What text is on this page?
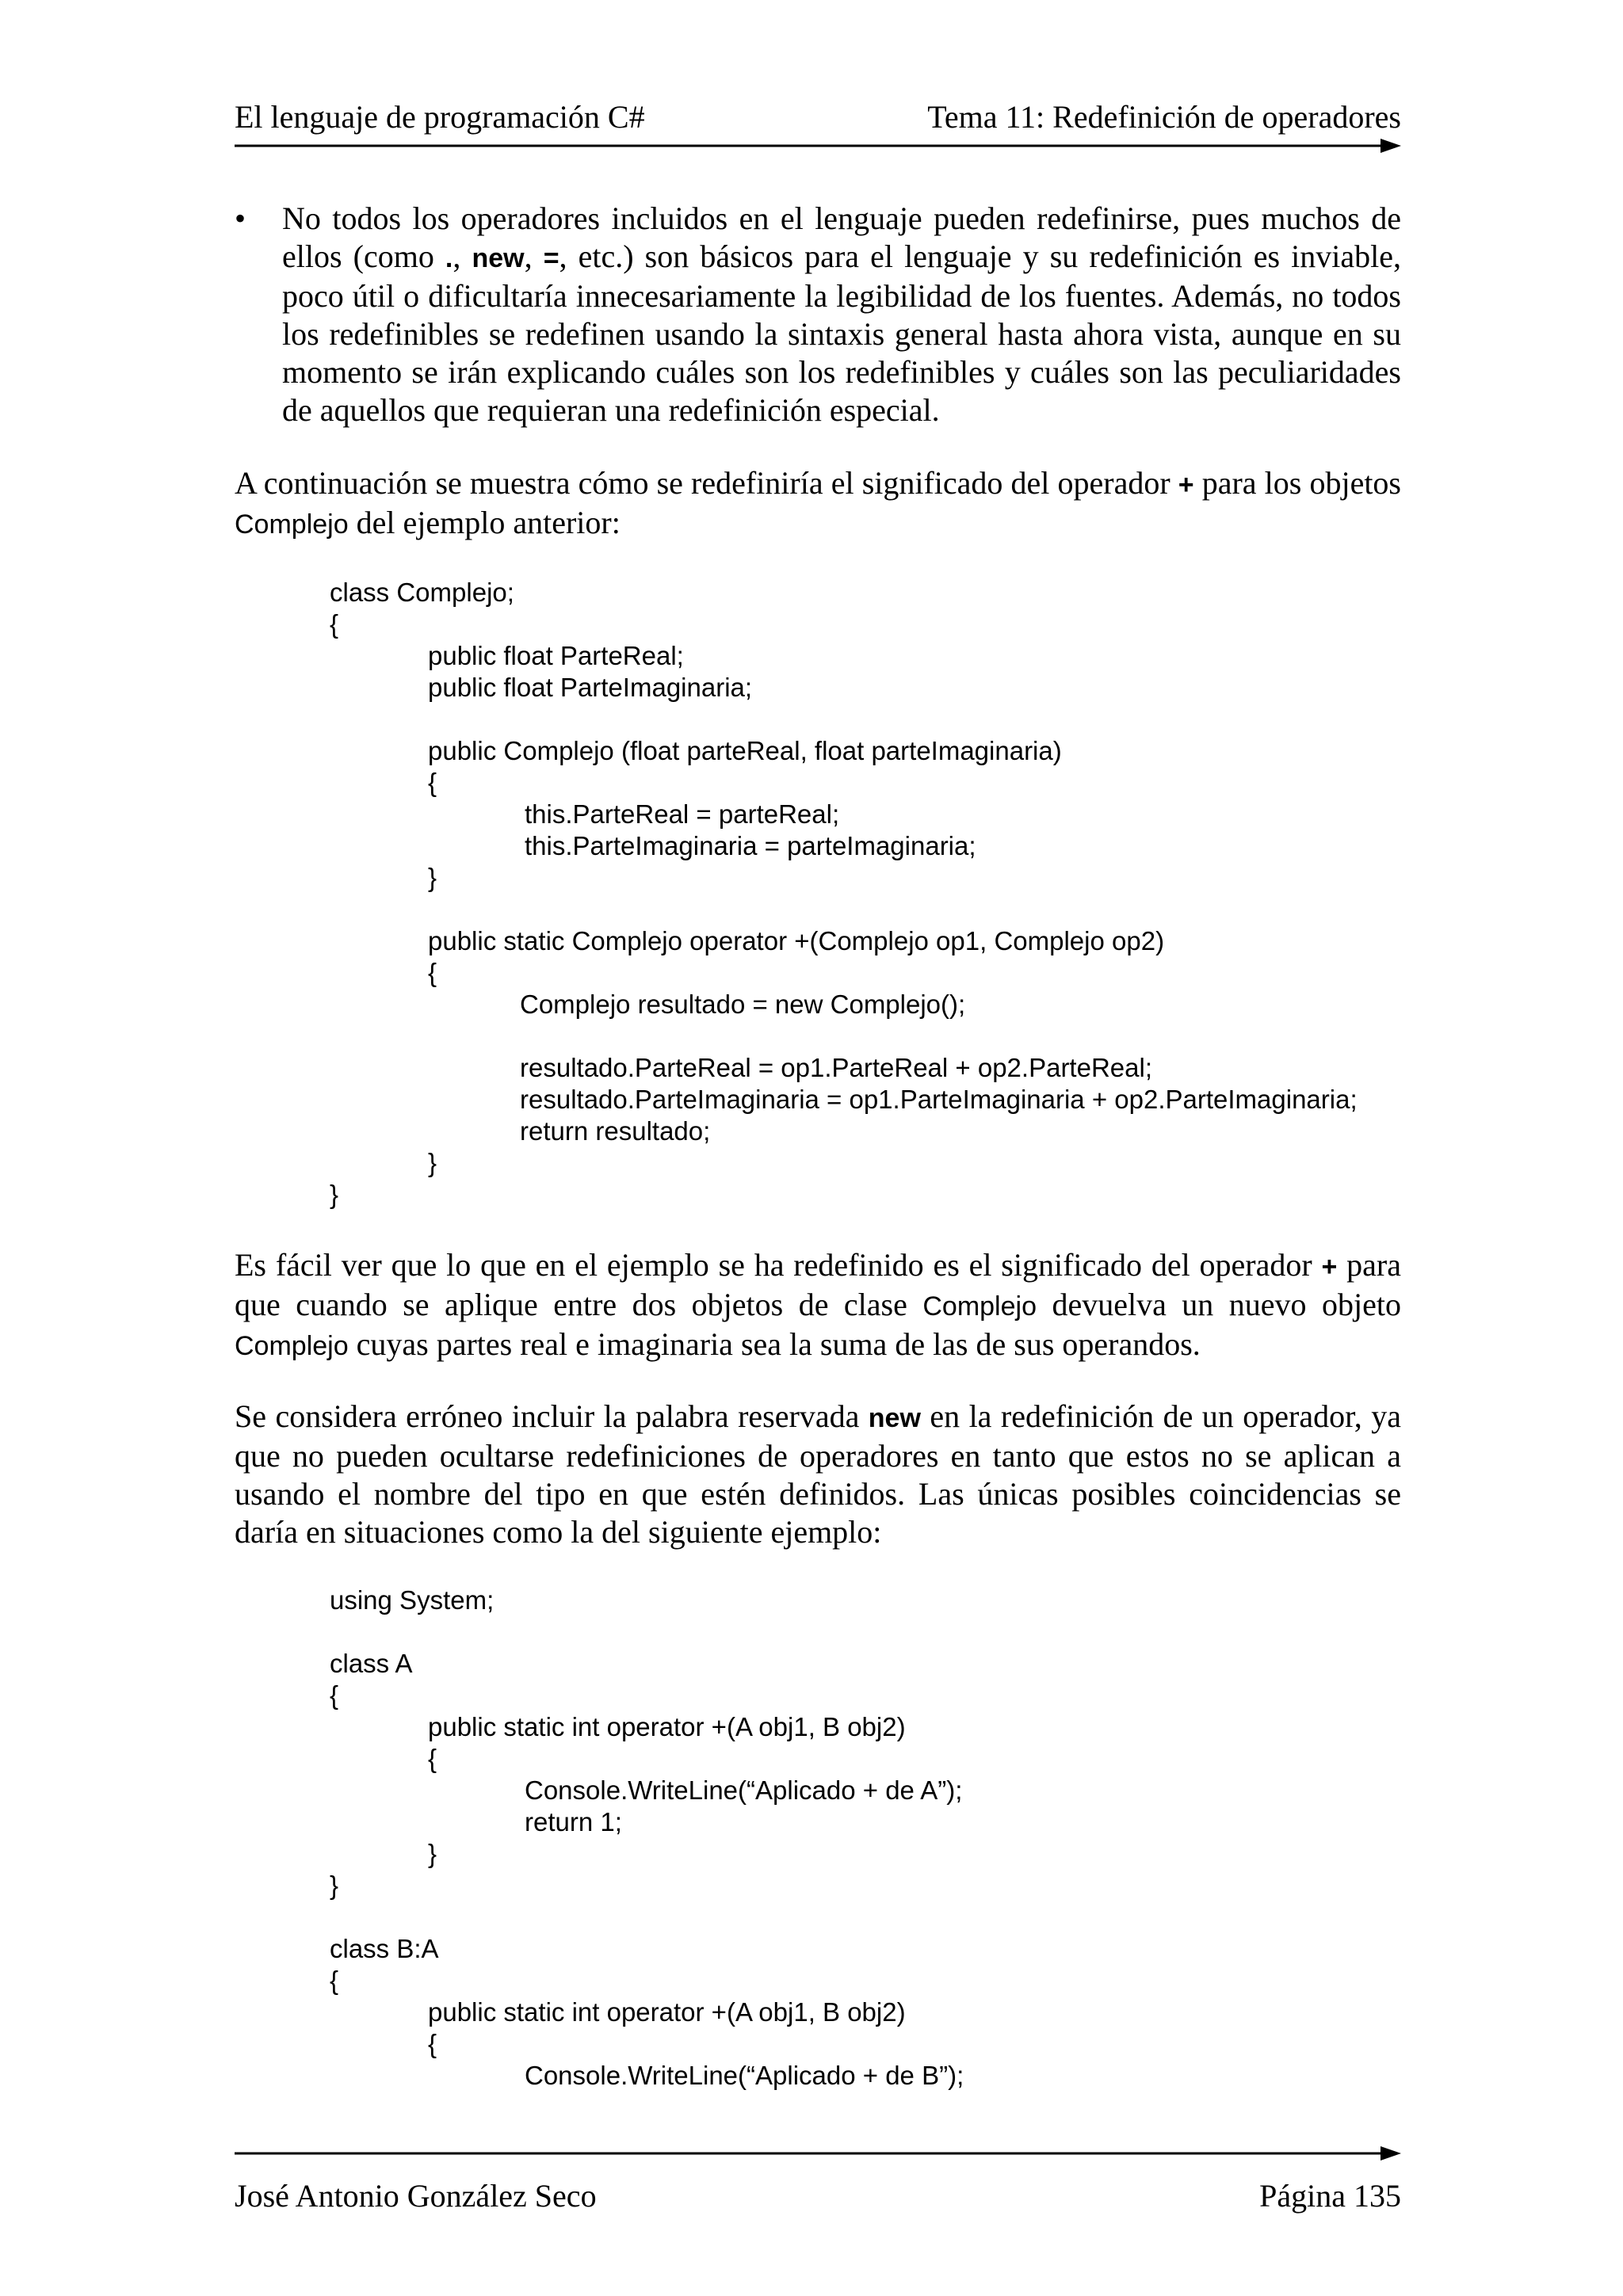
El lenguaje de programación C#	Tema 11: Redefinición de operadores
• No todos los operadores incluidos en el lenguaje pueden redefinirse, pues muchos de ellos (como ., new, =, etc.) son básicos para el lenguaje y su redefinición es inviable, poco útil o dificultaría innecesariamente la legibilidad de los fuentes. Además, no todos los redefinibles se redefinen usando la sintaxis general hasta ahora vista, aunque en su momento se irán explicando cuáles son los redefinibles y cuáles son las peculiaridades de aquellos que requieran una redefinición especial.
A continuación se muestra cómo se redefiniría el significado del operador + para los objetos Complejo del ejemplo anterior:
class Complejo;
{
public float ParteReal;
public float ParteImaginaria;
public Complejo (float parteReal, float parteImaginaria)
{
this.ParteReal = parteReal;
this.ParteImaginaria = parteImaginaria;
}
public static Complejo operator +(Complejo op1, Complejo op2)
{
Complejo resultado = new Complejo();
resultado.ParteReal = op1.ParteReal + op2.ParteReal;
resultado.ParteImaginaria = op1.ParteImaginaria + op2.ParteImaginaria;
return resultado;
}
}
Es fácil ver que lo que en el ejemplo se ha redefinido es el significado del operador + para que cuando se aplique entre dos objetos de clase Complejo devuelva un nuevo objeto Complejo cuyas partes real e imaginaria sea la suma de las de sus operandos.
Se considera erróneo incluir la palabra reservada new en la redefinición de un operador, ya que no pueden ocultarse redefiniciones de operadores en tanto que estos no se aplican a usando el nombre del tipo en que estén definidos. Las únicas posibles coincidencias se daría en situaciones como la del siguiente ejemplo:
using System;
class A
{
public static int operator +(A obj1, B obj2)
{
Console.WriteLine(“Aplicado + de A”);
return 1;
}
}
class B:A
{
public static int operator +(A obj1, B obj2)
{
Console.WriteLine(“Aplicado + de B”);
José Antonio González Seco	Página 135
